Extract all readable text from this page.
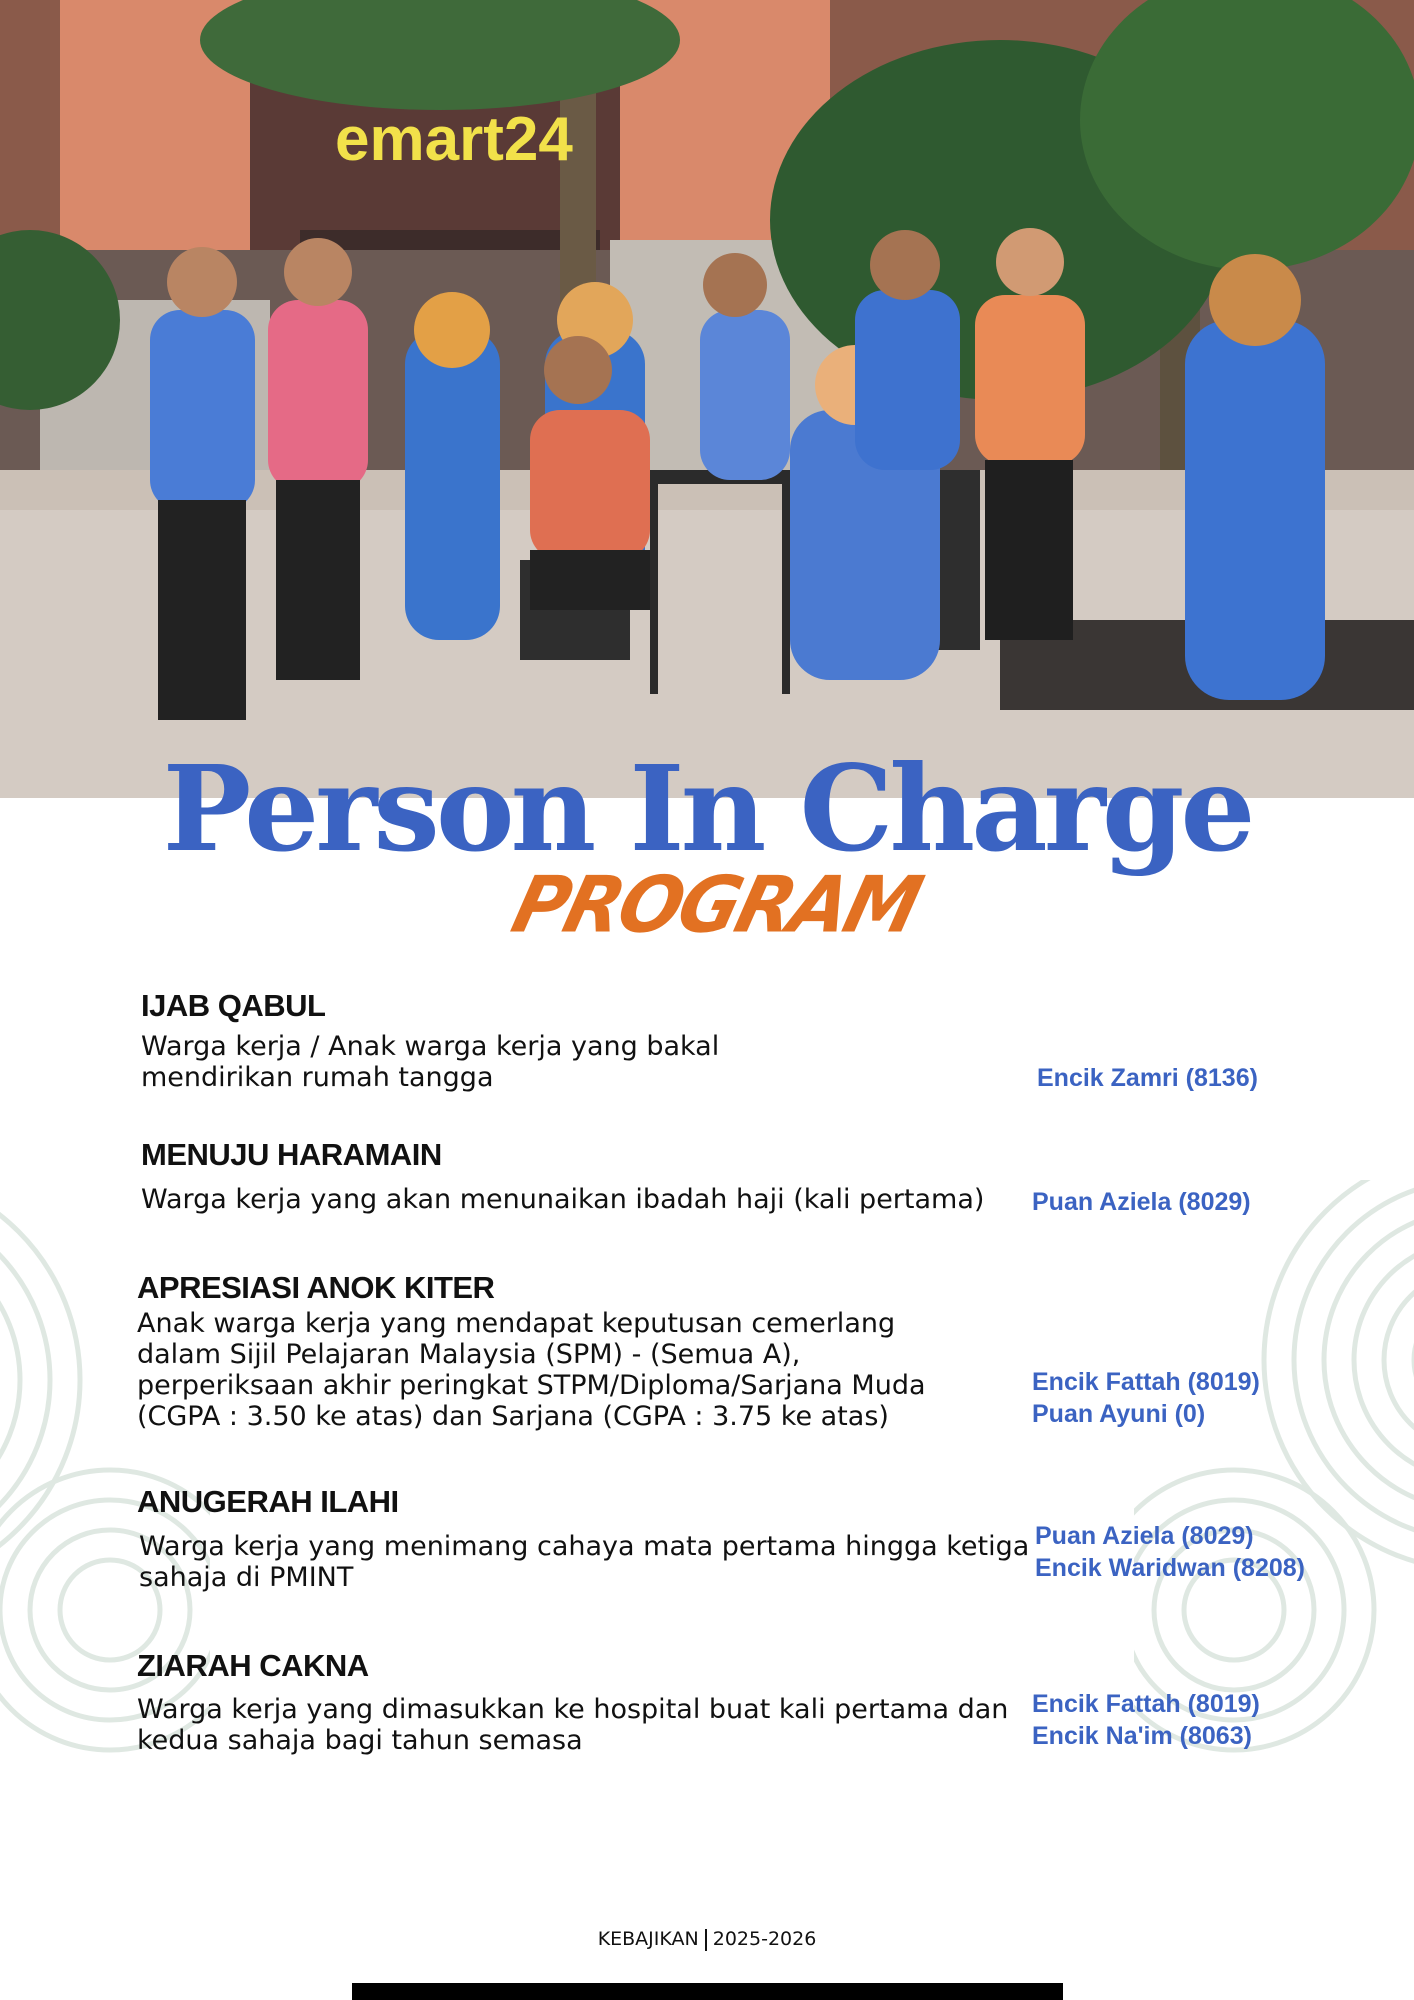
emart24
Person In Charge
PROGRAM
IJAB QABUL
Warga kerja / Anak warga kerja yang bakal
mendirikan rumah tangga	Encik Zamri (8136)
MENUJU HARAMAIN
Warga kerja yang akan menunaikan ibadah haji (kali pertama) Puan Aziela (8029)
APRESIASI ANOK KITER
Anak warga kerja yang mendapat keputusan cemerlang
dalam Sijil Pelajaran Malaysia (SPM) - (Semua A),
perperiksaan akhir peringkat STPM/Diploma/Sarjana Muda
(CGPA : 3.50 ke atas) dan Sarjana (CGPA : 3.75 ke atas)
Encik Fattah (8019)
Puan Ayuni (0)
ANUGERAH ILAHI
Warga kerja yang menimang cahaya mata pertama hingga ketiga
sahaja di PMINT
Puan Aziela (8029)
Encik Waridwan (8208)
ZIARAH CAKNA
Warga kerja yang dimasukkan ke hospital buat kali pertama dan
kedua sahaja bagi tahun semasa
Encik Fattah (8019)
Encik Na'im (8063)
KEBAJIKAN 2025-2026
